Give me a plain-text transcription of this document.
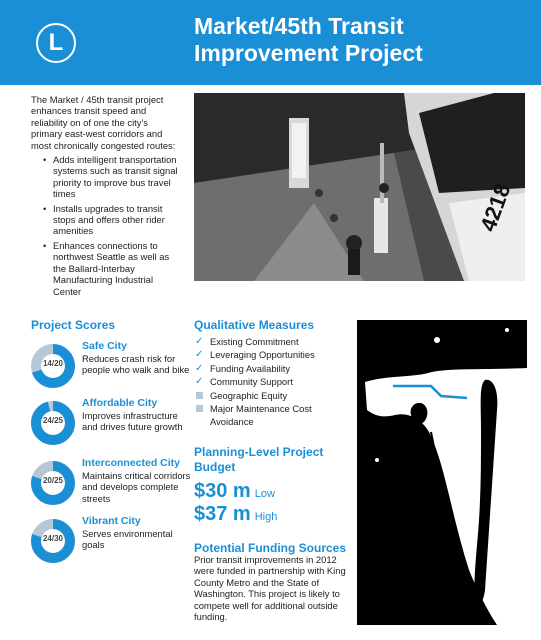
L
Market/45th Transit
Improvement Project

The Market / 45th transit project enhances transit speed and reliability on of one the city's primary east-west corridors and most chronically congested routes:

• Adds intelligent transportation systems such as transit signal priority to improve bus travel times
• Installs upgrades to transit stops and offers other rider amenities
• Enhances connections to northwest Seattle as well as the Ballard-Interbay Manufacturing Industrial Center
4218
Project Scores
14/20
Safe City
Reduces crash risk for people who walk and bike
24/25
Affordable City
Improves infrastructure and drives future growth
20/25
Interconnected City
Maintains critical corridors and develops complete streets
24/30
Vibrant City
Serves environmental goals
Qualitative Measures
✓ Existing Commitment
✓ Leveraging Opportunities
✓ Funding Availability
✓ Community Support
Geographic Equity
Major Maintenance Cost Avoidance
Planning-Level Project
Budget
$30 m Low
$37 m High
Potential Funding Sources
Prior transit improvements in 2012 were funded in partnership with King County Metro and the State of Washington. This project is likely to compete well for additional outside funding.
